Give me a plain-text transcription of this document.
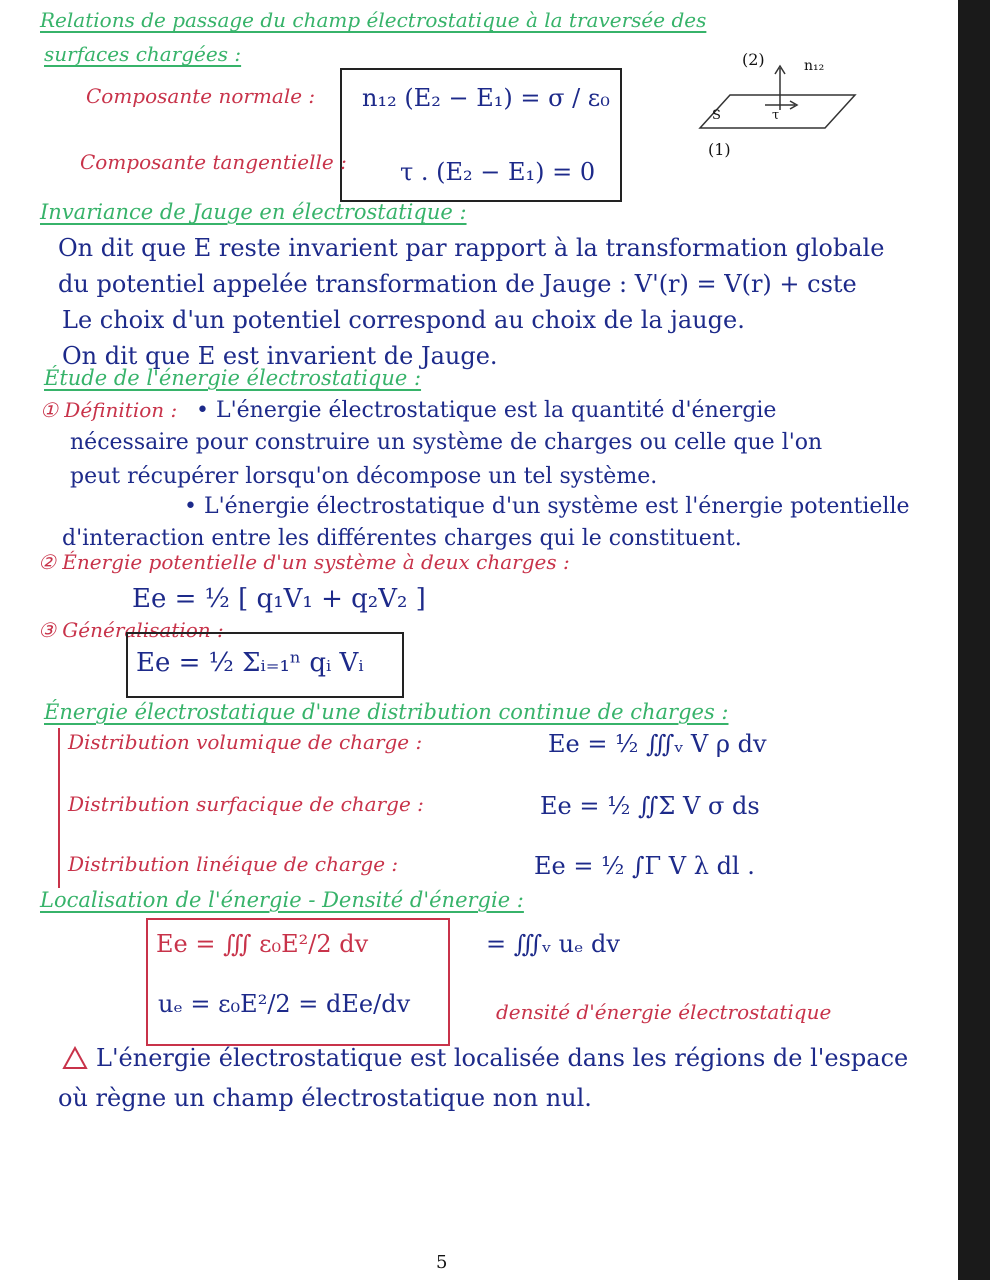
Relations de passage du champ électrostatique à la traversée des
surfaces chargées :
Composante normale : n₁₂ (E₂ − E₁) = σ / ε₀
Composante tangentielle : τ . (E₂ − E₁) = 0
(2)	n₁₂
S	τ
(1)
Invariance de Jauge en électrostatique :
On dit que E reste invarient par rapport à la transformation globale
du potentiel appelée transformation de Jauge : V'(r) = V(r) + cste
Le choix d'un potentiel correspond au choix de la jauge.
On dit que E est invarient de Jauge.
Étude de l'énergie électrostatique :
① Définition : • L'énergie électrostatique est la quantité d'énergie
nécessaire pour construire un système de charges ou celle que l'on
peut récupérer lorsqu'on décompose un tel système.
• L'énergie électrostatique d'un système est l'énergie potentielle
d'interaction entre les différentes charges qui le constituent.
② Énergie potentielle d'un système à deux charges :
Ee = ½ [ q₁V₁ + q₂V₂ ]
③ Généralisation :
Ee = ½ Σᵢ₌₁ⁿ qᵢ Vᵢ
Énergie électrostatique d'une distribution continue de charges :
Distribution volumique de charge :	Ee = ½ ∭ᵥ V ρ dv
Distribution surfacique de charge :	Ee = ½ ∬Σ V σ ds
Distribution linéique de charge :	Ee = ½ ∫Γ V λ dl .
Localisation de l'énergie - Densité d'énergie :
Ee = ∭ ε₀E²/2 dv	= ∭ᵥ uₑ dv
uₑ = ε₀E²/2 = dEe/dv	densité d'énergie électrostatique
L'énergie électrostatique est localisée dans les régions de l'espace
où règne un champ électrostatique non nul.
5
